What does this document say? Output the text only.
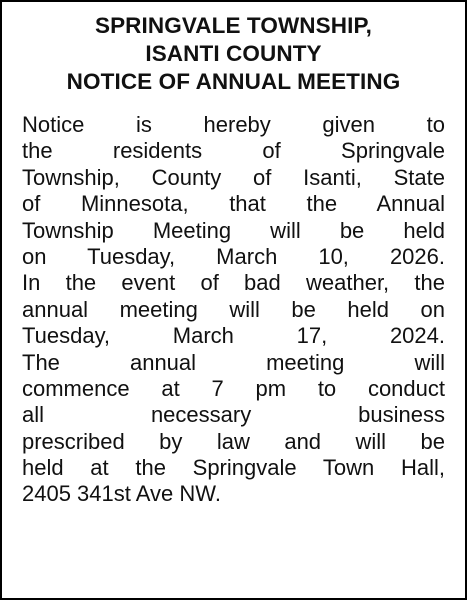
SPRINGVALE TOWNSHIP,
ISANTI COUNTY
NOTICE OF ANNUAL MEETING
Notice is hereby given to
the residents of Springvale
Township, County of Isanti, State
of Minnesota, that the Annual
Township Meeting will be held
on Tuesday, March 10, 2026.
In the event of bad weather, the
annual meeting will be held on
Tuesday, March 17, 2024.
The annual meeting will
commence at 7 pm to conduct
all necessary business
prescribed by law and will be
held at the Springvale Town Hall,
2405 341st Ave NW.
